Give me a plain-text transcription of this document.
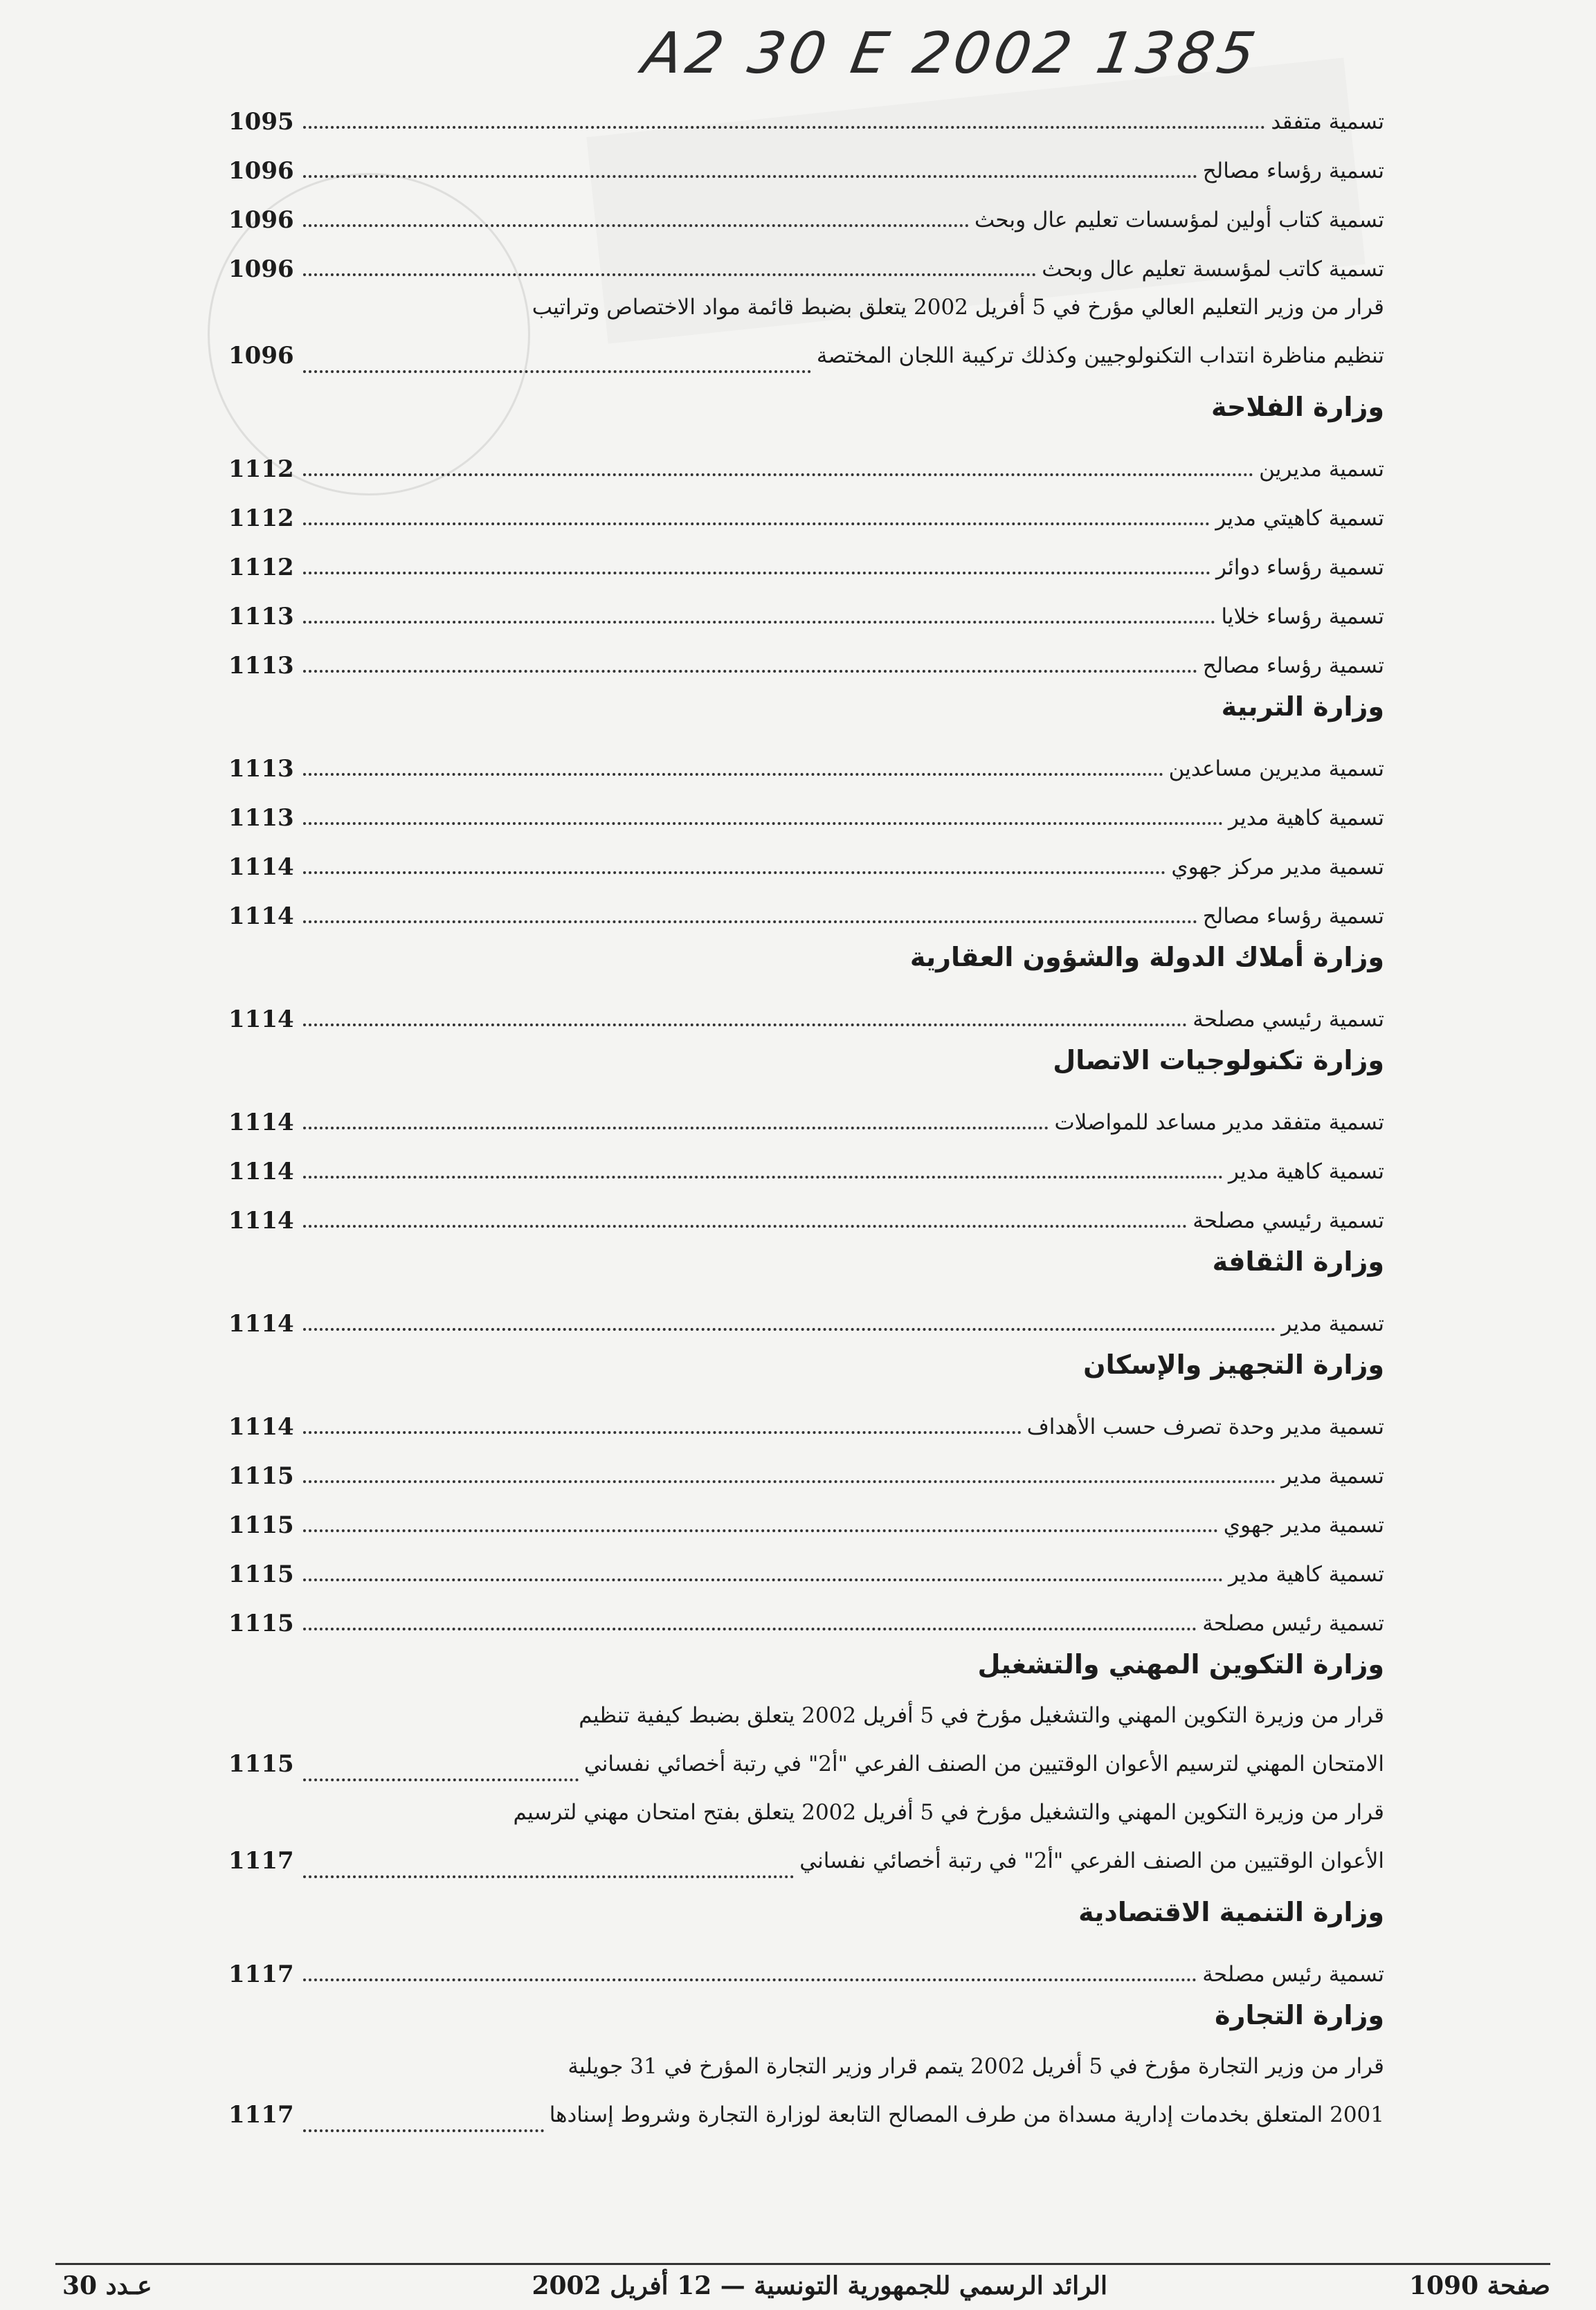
A2 30 E 2002 1385
تسمية متفقد
1095
تسمية رؤساء مصالح
1096
تسمية كتاب أولين لمؤسسات تعليم عال وبحث
1096
تسمية كاتب لمؤسسة تعليم عال وبحث
1096
قرار من وزير التعليم العالي مؤرخ في 5 أفريل 2002 يتعلق بضبط قائمة مواد الاختصاص وتراتيب
تنظيم مناظرة انتداب التكنولوجيين وكذلك تركيبة اللجان المختصة
1096
وزارة الفلاحة
تسمية مديرين
1112
تسمية كاهيتي مدير
1112
تسمية رؤساء دوائر
1112
تسمية رؤساء خلايا
1113
تسمية رؤساء مصالح
1113
وزارة التربية
تسمية مديرين مساعدين
1113
تسمية كاهية مدير
1113
تسمية مدير مركز جهوي
1114
تسمية رؤساء مصالح
1114
وزارة أملاك الدولة والشؤون العقارية
تسمية رئيسي مصلحة
1114
وزارة تكنولوجيات الاتصال
تسمية متفقد مدير مساعد للمواصلات
1114
تسمية كاهية مدير
1114
تسمية رئيسي مصلحة
1114
وزارة الثقافة
تسمية مدير
1114
وزارة التجهيز والإسكان
تسمية مدير وحدة تصرف حسب الأهداف
1114
تسمية مدير
1115
تسمية مدير جهوي
1115
تسمية كاهية مدير
1115
تسمية رئيس مصلحة
1115
وزارة التكوين المهني والتشغيل
قرار من وزيرة التكوين المهني والتشغيل مؤرخ في 5 أفريل 2002 يتعلق بضبط كيفية تنظيم
الامتحان المهني لترسيم الأعوان الوقتيين من الصنف الفرعي "أ2" في رتبة أخصائي نفساني
1115
قرار من وزيرة التكوين المهني والتشغيل مؤرخ في 5 أفريل 2002 يتعلق بفتح امتحان مهني لترسيم
الأعوان الوقتيين من الصنف الفرعي "أ2" في رتبة أخصائي نفساني
1117
وزارة التنمية الاقتصادية
تسمية رئيس مصلحة
1117
وزارة التجارة
قرار من وزير التجارة مؤرخ في 5 أفريل 2002 يتمم قرار وزير التجارة المؤرخ في 31 جويلية
2001 المتعلق بخدمات إدارية مسداة من طرف المصالح التابعة لوزارة التجارة وشروط إسنادها
1117
صفحة 1090
الرائد الرسمي للجمهورية التونسية — 12 أفريل 2002
عـدد 30
